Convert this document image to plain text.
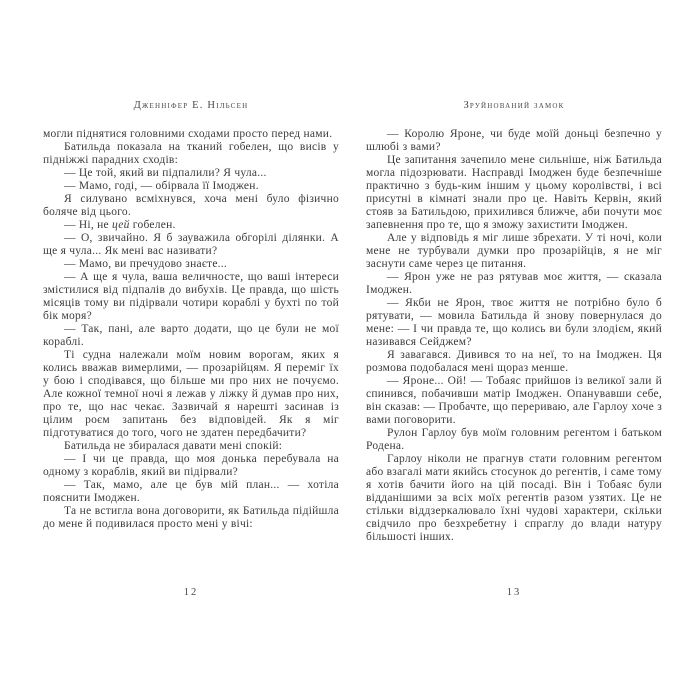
Дженніфер Е. Нільсен

могли піднятися головними сходами просто перед нами.

Батильда показала на тканий гобелен, що висів у підніжжі парадних сходів:

— Це той, який ви підпалили? Я чула...

— Мамо, годі, — обірвала її Імоджен.

Я силувано всміхнувся, хоча мені було фізично боляче від цього.

— Ні, не цей гобелен.

— О, звичайно. Я б зауважила обгорілі ділянки. А ще я чула... Як мені вас називати?

— Мамо, ви пречудово знаєте...

— А ще я чула, ваша величносте, що ваші інтереси змістилися від підпалів до вибухів. Це правда, що шість місяців тому ви підірвали чотири кораблі у бухті по той бік моря?

— Так, пані, але варто додати, що це були не мої кораблі.

Ті судна належали моїм новим ворогам, яких я колись вважав вимерлими, — прозарійцям. Я переміг їх у бою і сподівався, що більше ми про них не почуємо. Але кожної темної ночі я лежав у ліжку й думав про них, про те, що нас чекає. Зазвичай я нарешті засинав із цілим роєм запитань без відповідей. Як я міг підготуватися до того, чого не здатен передбачити?

Батильда не збиралася давати мені спокій:

— І чи це правда, що моя донька перебувала на одному з кораблів, який ви підірвали?

— Так, мамо, але це був мій план... — хотіла пояснити Імоджен.

Та не встигла вона договорити, як Батильда підійшла до мене й подивилася просто мені у вічі:

12
Зруйнований замок

— Королю Яроне, чи буде моїй доньці безпечно у шлюбі з вами?

Це запитання зачепило мене сильніше, ніж Батильда могла підозрювати. Насправді Імоджен буде безпечніше практично з будь-ким іншим у цьому королівстві, і всі присутні в кімнаті знали про це. Навіть Кервін, який стояв за Батильдою, прихилився ближче, аби почути моє запевнення про те, що я зможу захистити Імоджен.

Але у відповідь я міг лише збрехати. У ті ночі, коли мене не турбували думки про прозарійців, я не міг заснути саме через це питання.

— Ярон уже не раз рятував моє життя, — сказала Імоджен.

— Якби не Ярон, твоє життя не потрібно було б рятувати, — мовила Батильда й знову повернулася до мене: — І чи правда те, що колись ви були злодієм, який називався Сейджем?

Я завагався. Дивився то на неї, то на Імоджен. Ця розмова подобалася мені щораз менше.

— Яроне... Ой! — Тобаяс прийшов із великої зали й спинився, побачивши матір Імоджен. Опанувавши себе, він сказав: — Пробачте, що перериваю, але Гарлоу хоче з вами поговорити.

Рулон Гарлоу був моїм головним регентом і батьком Родена.

Гарлоу ніколи не прагнув стати головним регентом або взагалі мати якийсь стосунок до регентів, і саме тому я хотів бачити його на цій посаді. Він і Тобаяс були відданішими за всіх моїх регентів разом узятих. Це не стільки віддзеркалювало їхні чудові характери, скільки свідчило про безхребетну і спраглу до влади натуру більшості інших.

13
